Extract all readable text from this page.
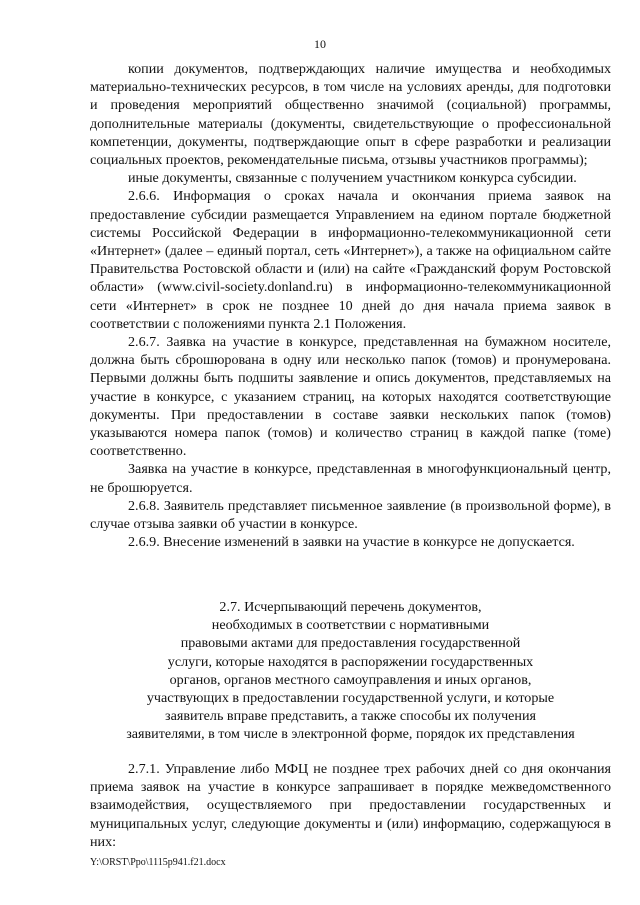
10

копии документов, подтверждающих наличие имущества и необходимых материально-технических ресурсов, в том числе на условиях аренды, для подготовки и проведения мероприятий общественно значимой (социальной) программы, дополнительные материалы (документы, свидетельствующие о профессиональной компетенции, документы, подтверждающие опыт в сфере разработки и реализации социальных проектов, рекомендательные письма, отзывы участников программы);

иные документы, связанные с получением участником конкурса субсидии.

2.6.6. Информация о сроках начала и окончания приема заявок на предоставление субсидии размещается Управлением на едином портале бюджетной системы Российской Федерации в информационно-телекоммуникационной сети «Интернет» (далее – единый портал, сеть «Интернет»), а также на официальном сайте Правительства Ростовской области и (или) на сайте «Гражданский форум Ростовской области» (www.civil-society.donland.ru) в информационно-телекоммуникационной сети «Интернет» в срок не позднее 10 дней до дня начала приема заявок в соответствии с положениями пункта 2.1 Положения.

2.6.7. Заявка на участие в конкурсе, представленная на бумажном носителе, должна быть сброшюрована в одну или несколько папок (томов) и пронумерована. Первыми должны быть подшиты заявление и опись документов, представляемых на участие в конкурсе, с указанием страниц, на которых находятся соответствующие документы. При предоставлении в составе заявки нескольких папок (томов) указываются номера папок (томов) и количество страниц в каждой папке (томе) соответственно.

Заявка на участие в конкурсе, представленная в многофункциональный центр, не брошюруется.

2.6.8. Заявитель представляет письменное заявление (в произвольной форме), в случае отзыва заявки об участии в конкурсе.

2.6.9. Внесение изменений в заявки на участие в конкурсе не допускается.

2.7. Исчерпывающий перечень документов,
необходимых в соответствии с нормативными
правовыми актами для предоставления государственной
услуги, которые находятся в распоряжении государственных
органов, органов местного самоуправления и иных органов,
участвующих в предоставлении государственной услуги, и которые
заявитель вправе представить, а также способы их получения
заявителями, в том числе в электронной форме, порядок их представления

2.7.1. Управление либо МФЦ не позднее трех рабочих дней со дня окончания приема заявок на участие в конкурсе запрашивает в порядке межведомственного взаимодействия, осуществляемого при предоставлении государственных и муниципальных услуг, следующие документы и (или) информацию, содержащуюся в них:

Y:\ORST\Ppo\1115p941.f21.docx
